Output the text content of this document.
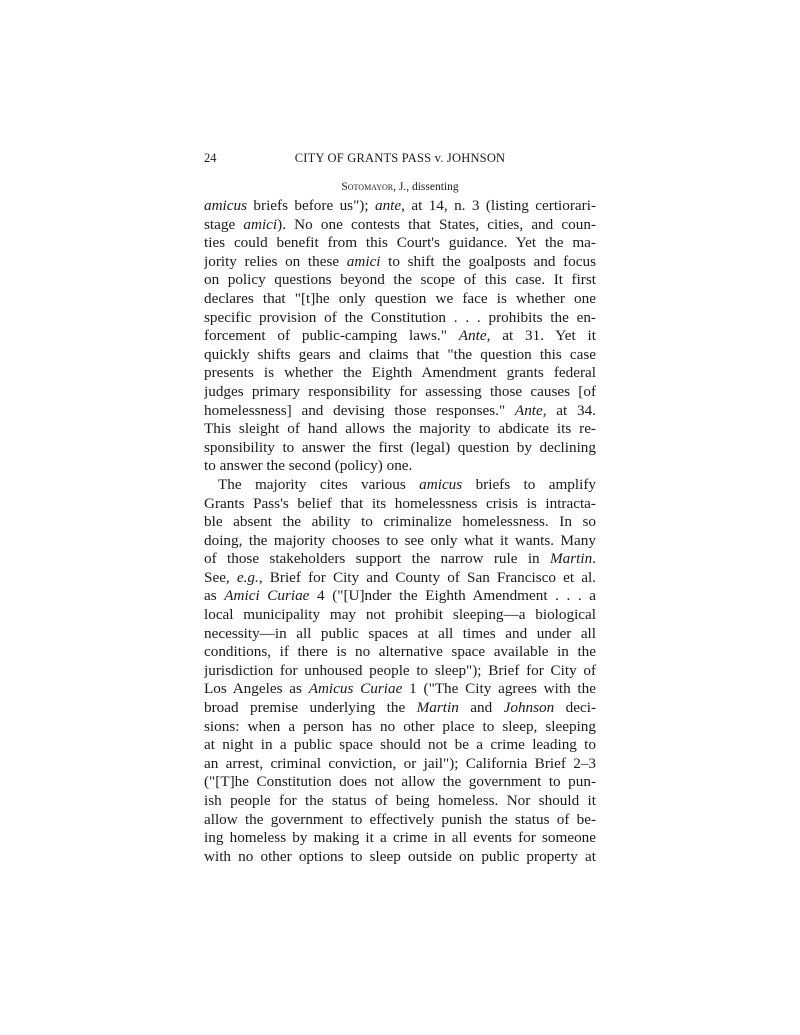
24	CITY OF GRANTS PASS v. JOHNSON
Sotomayor, J., dissenting
amicus briefs before us"); ante, at 14, n. 3 (listing certiorari-
stage amici). No one contests that States, cities, and coun-
ties could benefit from this Court's guidance. Yet the ma-
jority relies on these amici to shift the goalposts and focus
on policy questions beyond the scope of this case. It first
declares that "[t]he only question we face is whether one
specific provision of the Constitution . . . prohibits the en-
forcement of public-camping laws." Ante, at 31. Yet it
quickly shifts gears and claims that "the question this case
presents is whether the Eighth Amendment grants federal
judges primary responsibility for assessing those causes [of
homelessness] and devising those responses." Ante, at 34.
This sleight of hand allows the majority to abdicate its re-
sponsibility to answer the first (legal) question by declining
to answer the second (policy) one.
The majority cites various amicus briefs to amplify
Grants Pass's belief that its homelessness crisis is intracta-
ble absent the ability to criminalize homelessness. In so
doing, the majority chooses to see only what it wants. Many
of those stakeholders support the narrow rule in Martin.
See, e.g., Brief for City and County of San Francisco et al.
as Amici Curiae 4 ("[U]nder the Eighth Amendment . . . a
local municipality may not prohibit sleeping—a biological
necessity—in all public spaces at all times and under all
conditions, if there is no alternative space available in the
jurisdiction for unhoused people to sleep"); Brief for City of
Los Angeles as Amicus Curiae 1 ("The City agrees with the
broad premise underlying the Martin and Johnson deci-
sions: when a person has no other place to sleep, sleeping
at night in a public space should not be a crime leading to
an arrest, criminal conviction, or jail"); California Brief 2–3
("[T]he Constitution does not allow the government to pun-
ish people for the status of being homeless. Nor should it
allow the government to effectively punish the status of be-
ing homeless by making it a crime in all events for someone
with no other options to sleep outside on public property at
